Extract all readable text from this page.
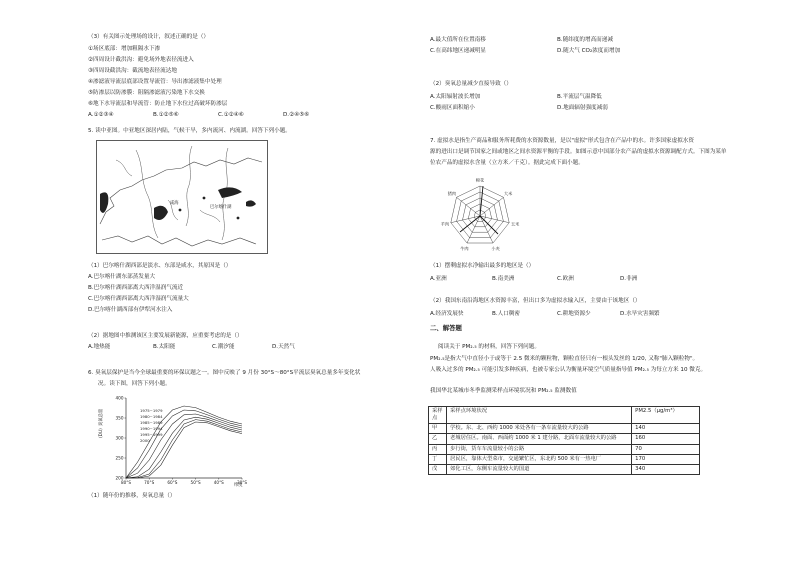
（3）有关图示处理场的设计，叙述正确的是（）
①场区底部：增加粗隔水下渗
②四周设计截洪沟：避免场外地表径流进入
③四周设截洪沟：截流地表径流达地
④渗滤液导流层底部设置导流管：导出渗滤液集中处理
⑤防渗层以防渗膜：阻隔渗滤液污染地下水交换
⑥地下水导流层和导流管：防止地下水位过高破坏防渗层
A.①②③④	B.①②⑤⑥	C.①②④⑥	D.②④⑤⑥
5. 读中亚图。中亚地区深居内陆，气候干旱，多内流河、内流湖。回答下列小题。
巴尔喀什湖
咸海
（1）巴尔喀什湖西部是淡水、东部是咸水，其原因是（）
A.巴尔喀什湖东部蒸发量大
B.巴尔喀什湖西部离大西洋湿润气流近
C.巴尔喀什湖西部离大西洋湿润气流量大
D.巴尔喀什湖西部有伊犁河水注入
（2）据地图中推测该区主要发展新能源，应重要考虑的是（）
A.地热能	B.太阳能	C.潮汐能	D.天然气
6. 臭氧层保护是当今全球最重要的环保议题之一。图中反映了 9 月份 30°S～80°S平流层臭氧总量多年变化状
况。读下图，回答下列小题。
臭氧总量
(DU)
纬度
200
250
300
350
400
80°S	70°S	60°S	50°S	40°S	30°S
1975~1979
1980~1984
1985~1989
1990~1994
1995~1999
2000
（1）随年份的推移，臭氧总量（）
A.最大值所在位置南移	B.随纬度的增高而递减
C.在高纬地区递减明显	D.随大气 CO₂浓度而增加
（2）臭氧总量减少直接导致（）
A.太阳辐射波长增加	B.平流层气温降低
C.酸雨区面积缩小	D.地面辐射强度减弱
7. 虚拟水是指生产商品和服务所耗费的水资源数量，是以"虚拟"形式包含在产品中的水。许多国家虚拟水资
源的进出口是调节国家之间或地区之间水资源平衡的手段。如图示意中国部分农产品的虚拟水资源调配方式。下图为某单
位农产品的虚拟水含量（立方米／千克）。据此完成下面小题。
棉花
大米
玉米
小麦
牛肉
羊肉
猪肉
（1）摆剩虚拟水净输出最多的地区是（）
A.亚洲	B.南美洲	C.欧洲	D.非洲
（2）我国东南沿海地区水资源丰富，但出口多为虚拟水输入区，主要由于该地区（）
A.经济发展快	B.人口稠密	C.耕地资源少	D.水旱灾害频繁
二、解答题
阅读关于 PM₂.₅ 的材料，回答下列问题。
PM₂.₅是指大气中直径小于或等于 2.5 微米的颗粒物，颗粒直径只有一根头发丝的 1/20, 又称"肺入颗粒物"。
人吸入过多的 PM₂.₅ 可能引发多种疾病，也被专家公认为衡量环境空气质量指导值 PM₂.₅ 为每立方米 10 微克。
我国华北某城市冬季监测采样点环境状况和 PM₂.₅ 监测数值
采样点	采样点环境状况	PM2.5（μg/m³）
甲	学校。东、北、西约 1000 米处各有一条车流量较大的公路	140
乙	老城居住区。南面、西面约 1000 米 1 建分路，北面车流量较大的公路	160
丙	步行街，货车车流量较小的公路	70
丁	居民区，靠体大型菜市，交通繁忙区，东北约 500 米有一热电厂	170
戊	郊化工区，东侧车流量较大的国道	340
